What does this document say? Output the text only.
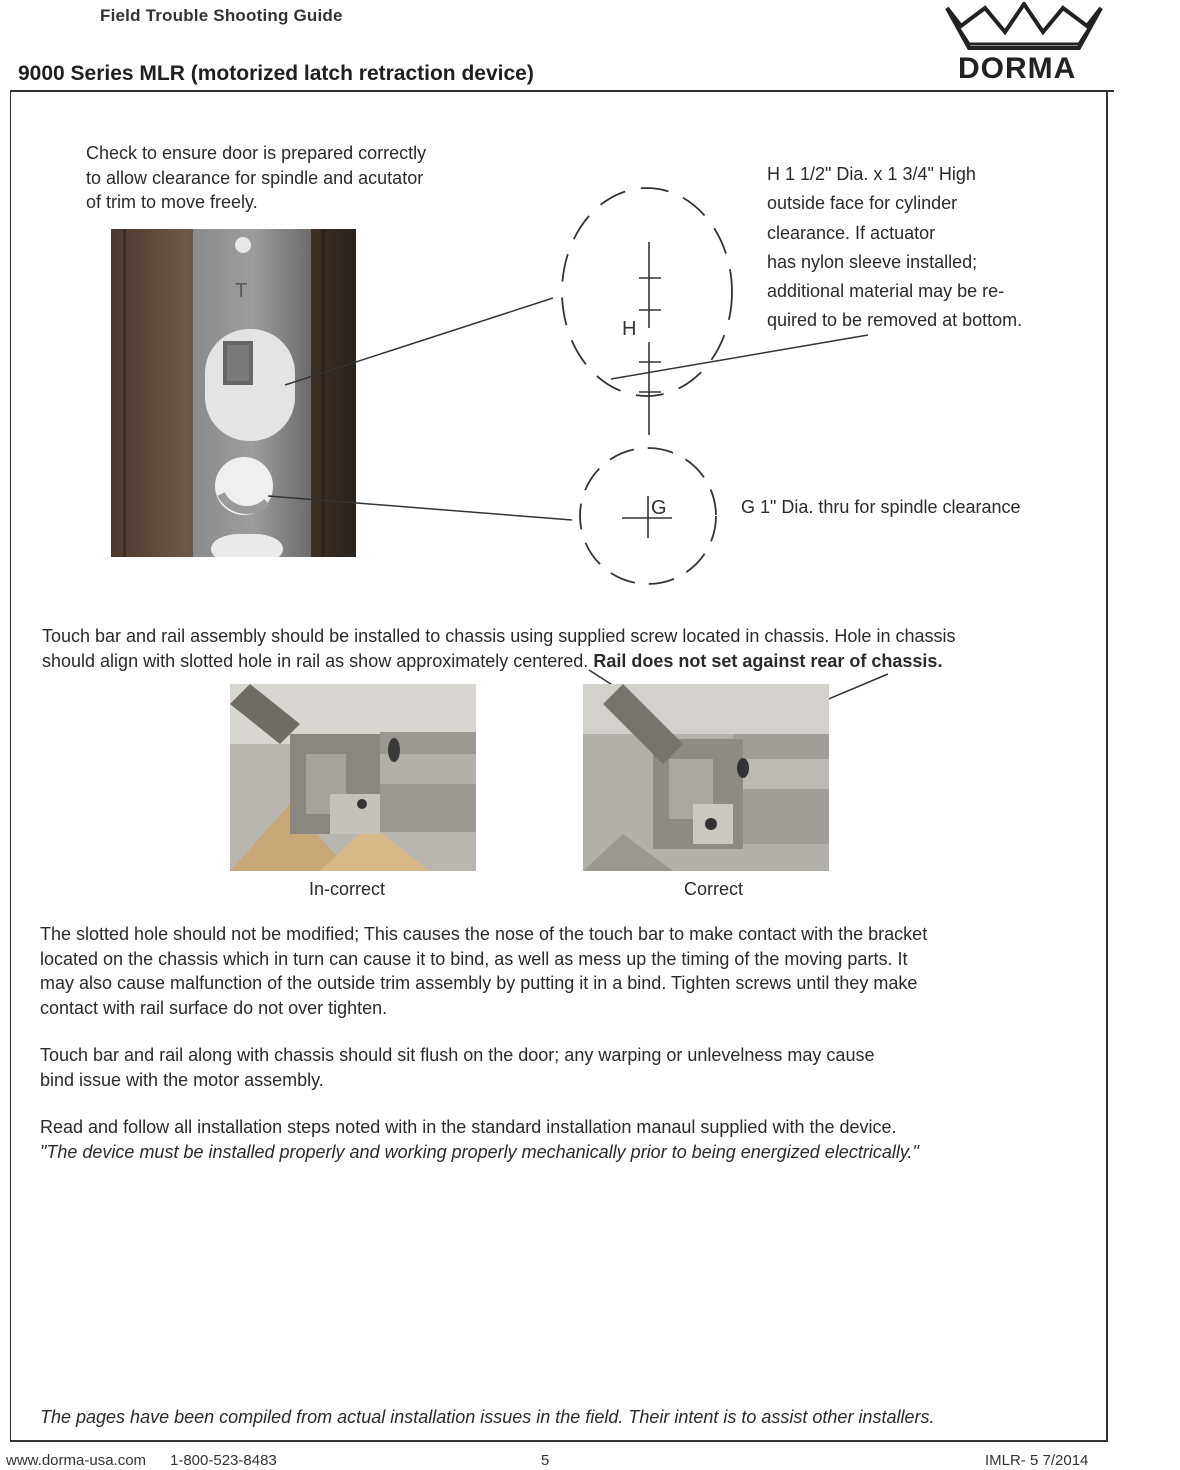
Field Trouble Shooting Guide
9000 Series MLR (motorized latch retraction device)	DORMA
Check to ensure door is prepared correctly
to allow clearance for spindle and acutator
of trim to move freely.
T
H
H 1 1/2" Dia. x 1 3/4" High
outside face for cylinder
clearance. If actuator
has nylon sleeve installed;
additional material may be re-
quired to be removed at bottom.
G	G 1" Dia. thru for spindle clearance
Touch bar and rail assembly should be installed to chassis using supplied screw located in chassis. Hole in chassis
should align with slotted hole in rail as show approximately centered. Rail does not set against rear of chassis.
In-correct	Correct
The slotted hole should not be modified; This causes the nose of the touch bar to make contact with the bracket
located on the chassis which in turn can cause it to bind, as well as mess up the timing of the moving parts. It
may also cause malfunction of the outside trim assembly by putting it in a bind. Tighten screws until they make
contact with rail surface do not over tighten.
Touch bar and rail along with chassis should sit flush on the door; any warping or unlevelness may cause
bind issue with the motor assembly.
Read and follow all installation steps noted with in the standard installation manaul supplied with the device.
"The device must be installed properly and working properly mechanically prior to being energized electrically."
The pages have been compiled from actual installation issues in the field. Their intent is to assist other installers.
www.dorma-usa.com 1-800-523-8483	5	IMLR- 5 7/2014
